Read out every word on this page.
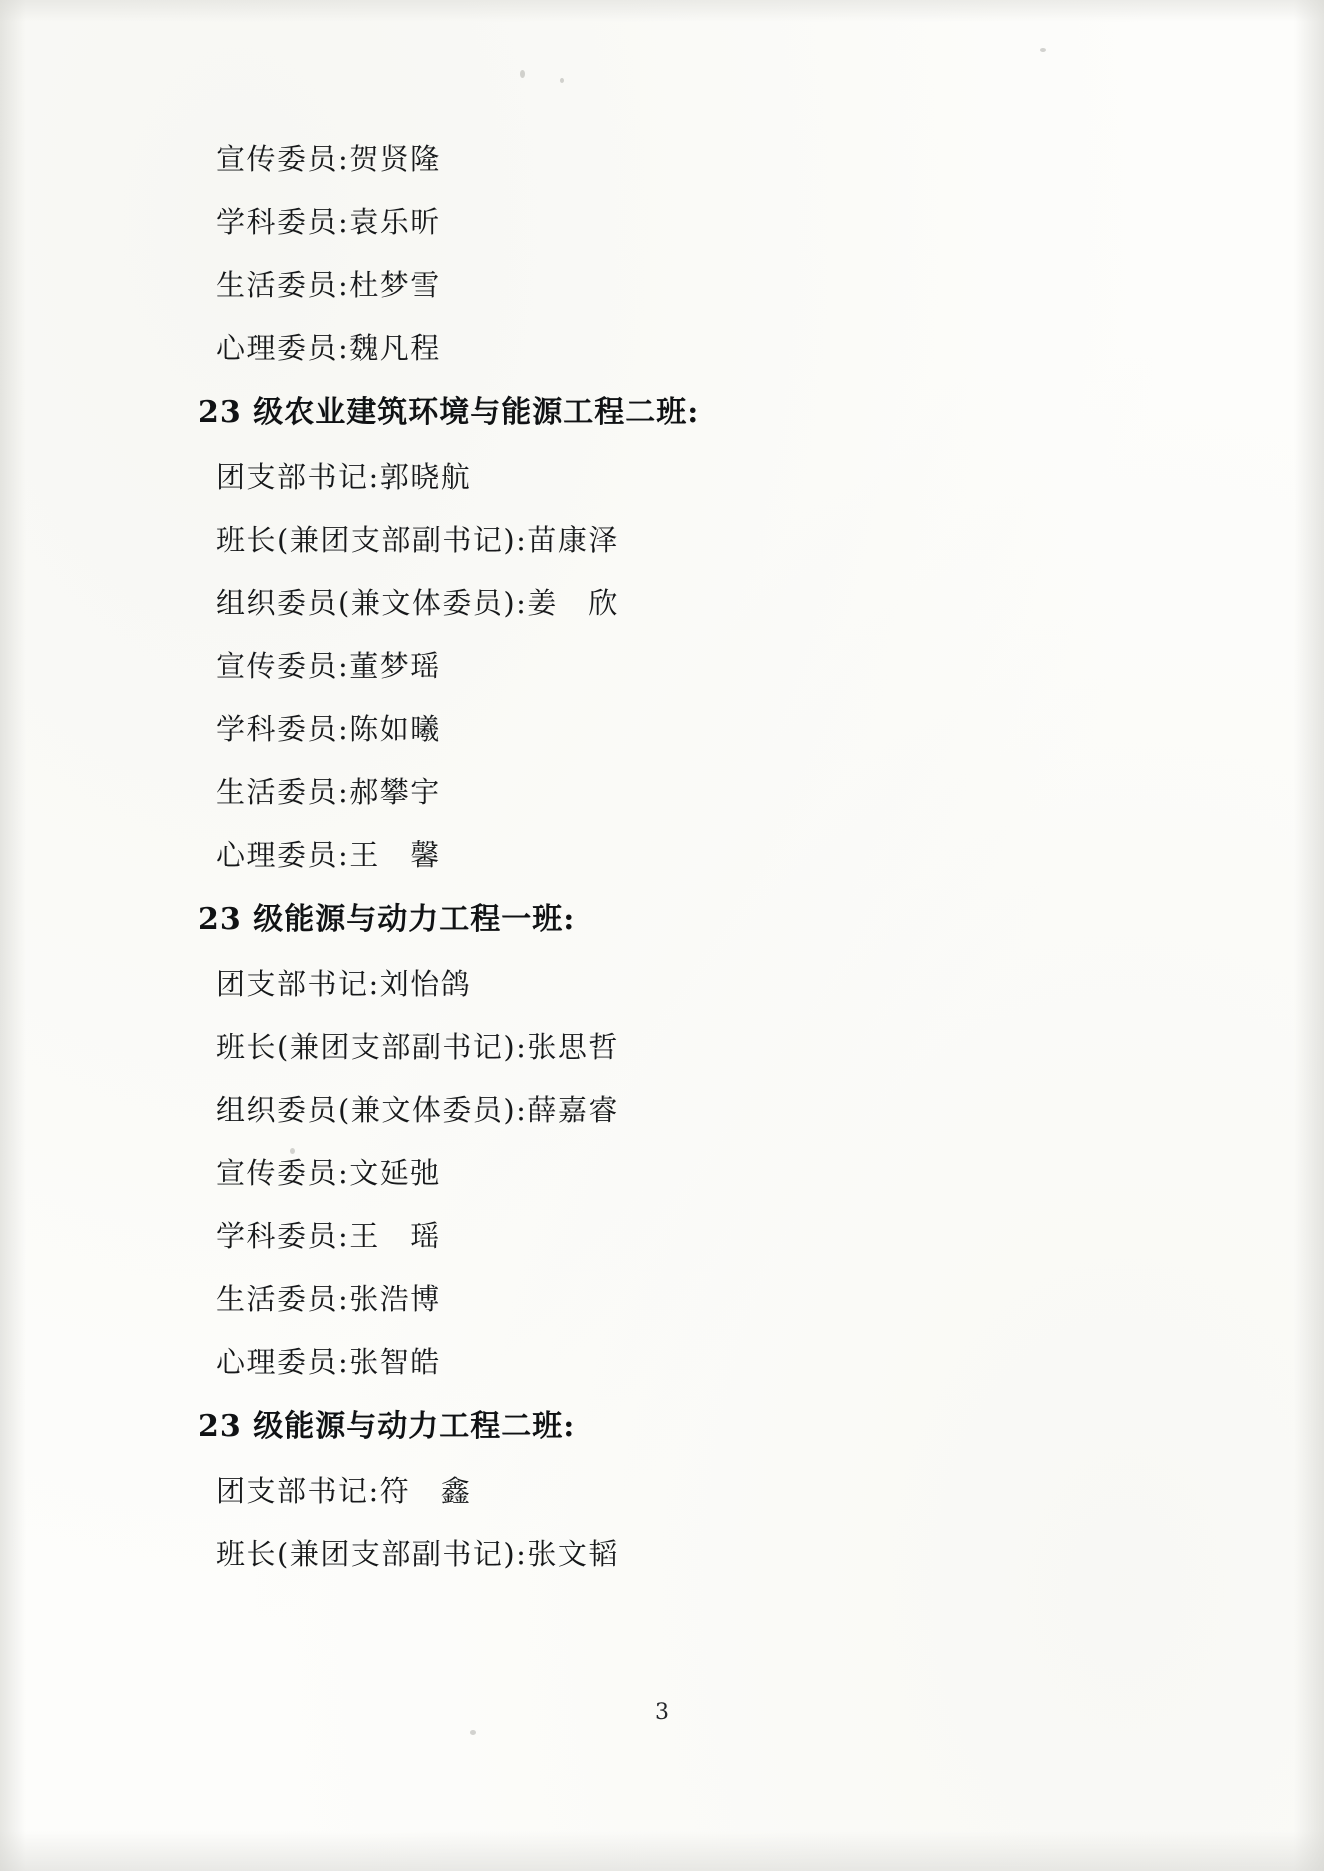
宣传委员:贺贤隆
学科委员:袁乐昕
生活委员:杜梦雪
心理委员:魏凡程
23 级农业建筑环境与能源工程二班:
团支部书记:郭晓航
班长(兼团支部副书记):苗康泽
组织委员(兼文体委员):姜　欣
宣传委员:董梦瑶
学科委员:陈如曦
生活委员:郝攀宇
心理委员:王　馨
23 级能源与动力工程一班:
团支部书记:刘怡鸽
班长(兼团支部副书记):张思哲
组织委员(兼文体委员):薛嘉睿
宣传委员:文延弛
学科委员:王　瑶
生活委员:张浩博
心理委员:张智皓
23 级能源与动力工程二班:
团支部书记:符　鑫
班长(兼团支部副书记):张文韬
3
